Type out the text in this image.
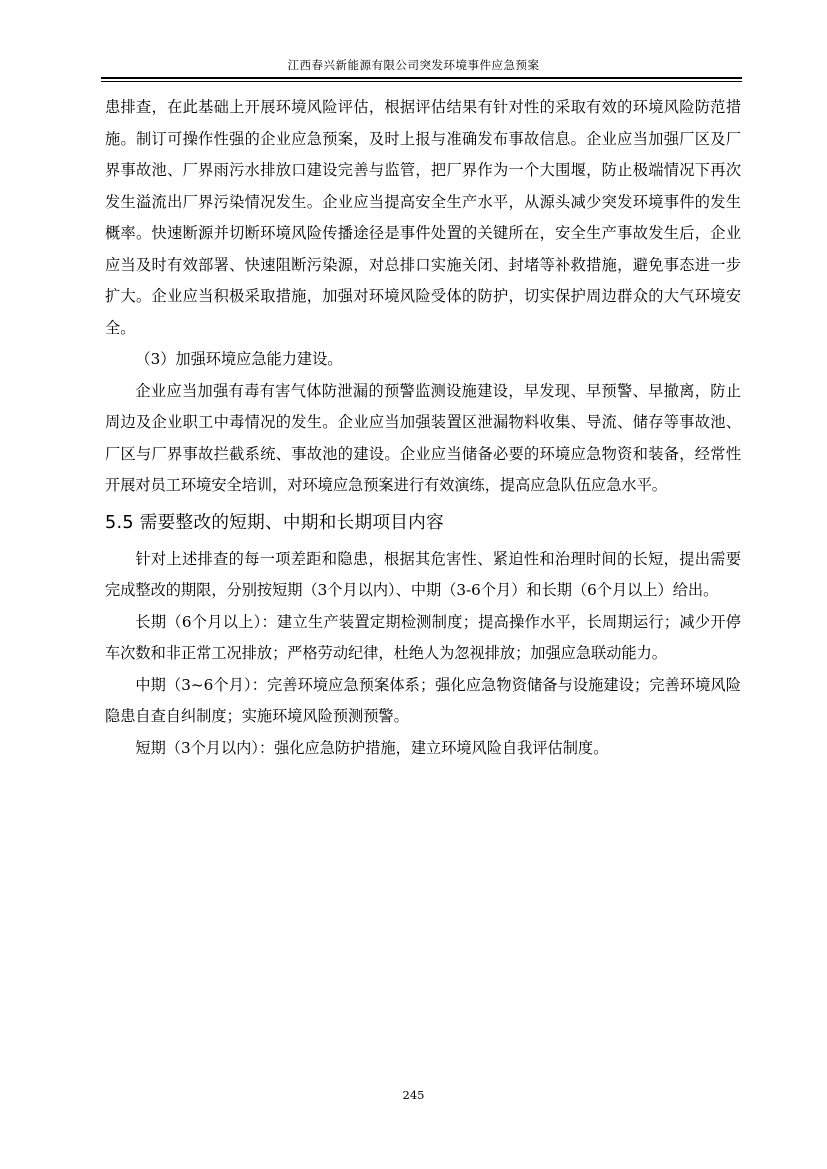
江西春兴新能源有限公司突发环境事件应急预案

患排查，在此基础上开展环境风险评估，根据评估结果有针对性的采取有效的环境风险防范措施。制订可操作性强的企业应急预案，及时上报与准确发布事故信息。企业应当加强厂区及厂界事故池、厂界雨污水排放口建设完善与监管，把厂界作为一个大围堰，防止极端情况下再次发生溢流出厂界污染情况发生。企业应当提高安全生产水平，从源头减少突发环境事件的发生概率。快速断源并切断环境风险传播途径是事件处置的关键所在，安全生产事故发生后，企业应当及时有效部署、快速阻断污染源，对总排口实施关闭、封堵等补救措施，避免事态进一步扩大。企业应当积极采取措施，加强对环境风险受体的防护，切实保护周边群众的大气环境安全。

（3）加强环境应急能力建设。

企业应当加强有毒有害气体防泄漏的预警监测设施建设，早发现、早预警、早撤离，防止周边及企业职工中毒情况的发生。企业应当加强装置区泄漏物料收集、导流、储存等事故池、厂区与厂界事故拦截系统、事故池的建设。企业应当储备必要的环境应急物资和装备，经常性开展对员工环境安全培训，对环境应急预案进行有效演练，提高应急队伍应急水平。

5.5 需要整改的短期、中期和长期项目内容

针对上述排查的每一项差距和隐患，根据其危害性、紧迫性和治理时间的长短，提出需要完成整改的期限，分别按短期（3个月以内）、中期（3-6个月）和长期（6个月以上）给出。

长期（6个月以上）：建立生产装置定期检测制度；提高操作水平，长周期运行；减少开停车次数和非正常工况排放；严格劳动纪律，杜绝人为忽视排放；加强应急联动能力。

中期（3~6个月）：完善环境应急预案体系；强化应急物资储备与设施建设；完善环境风险隐患自查自纠制度；实施环境风险预测预警。

短期（3个月以内）：强化应急防护措施，建立环境风险自我评估制度。

245
